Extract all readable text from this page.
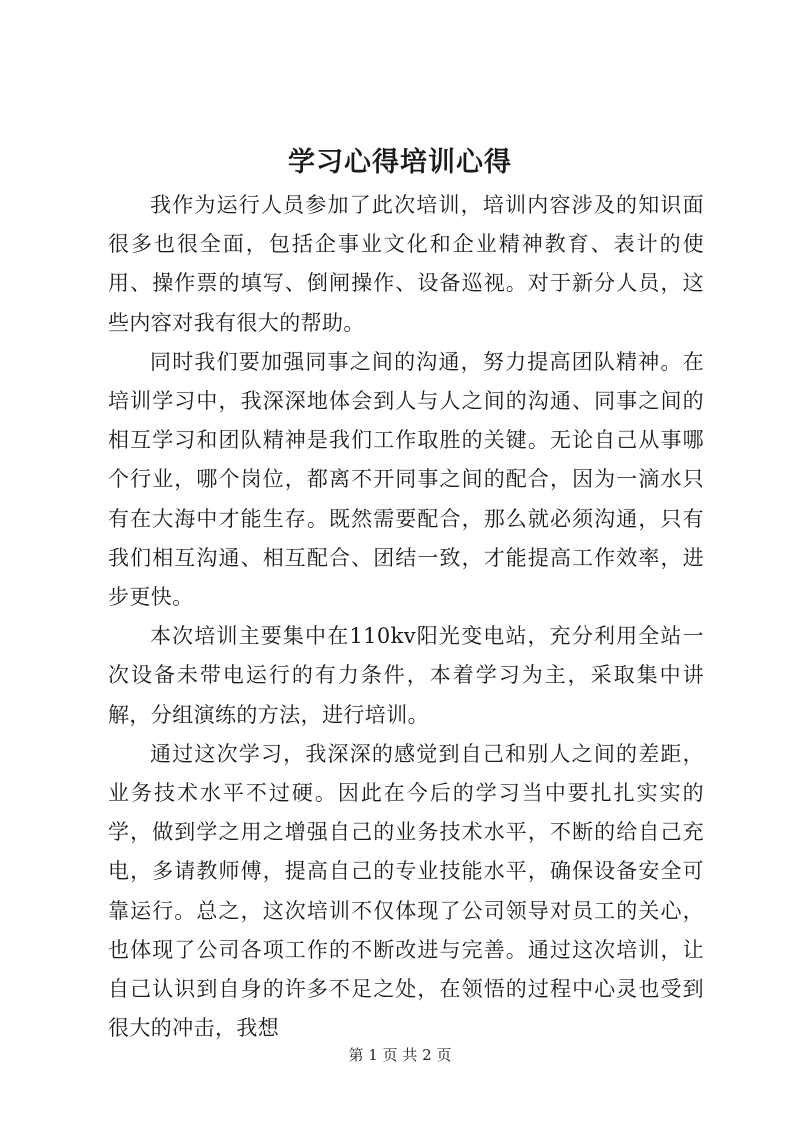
学习心得培训心得

我作为运行人员参加了此次培训，培训内容涉及的知识面很多也很全面，包括企事业文化和企业精神教育、表计的使用、操作票的填写、倒闸操作、设备巡视。对于新分人员，这些内容对我有很大的帮助。

同时我们要加强同事之间的沟通，努力提高团队精神。在培训学习中，我深深地体会到人与人之间的沟通、同事之间的相互学习和团队精神是我们工作取胜的关键。无论自己从事哪个行业，哪个岗位，都离不开同事之间的配合，因为一滴水只有在大海中才能生存。既然需要配合，那么就必须沟通，只有我们相互沟通、相互配合、团结一致，才能提高工作效率，进步更快。

本次培训主要集中在110kv阳光变电站，充分利用全站一次设备未带电运行的有力条件，本着学习为主，采取集中讲解，分组演练的方法，进行培训。

通过这次学习，我深深的感觉到自己和别人之间的差距，业务技术水平不过硬。因此在今后的学习当中要扎扎实实的学，做到学之用之增强自己的业务技术水平，不断的给自己充电，多请教师傅，提高自己的专业技能水平，确保设备安全可靠运行。总之，这次培训不仅体现了公司领导对员工的关心，也体现了公司各项工作的不断改进与完善。通过这次培训，让自己认识到自身的许多不足之处，在领悟的过程中心灵也受到很大的冲击，我想

第 1 页 共 2 页
